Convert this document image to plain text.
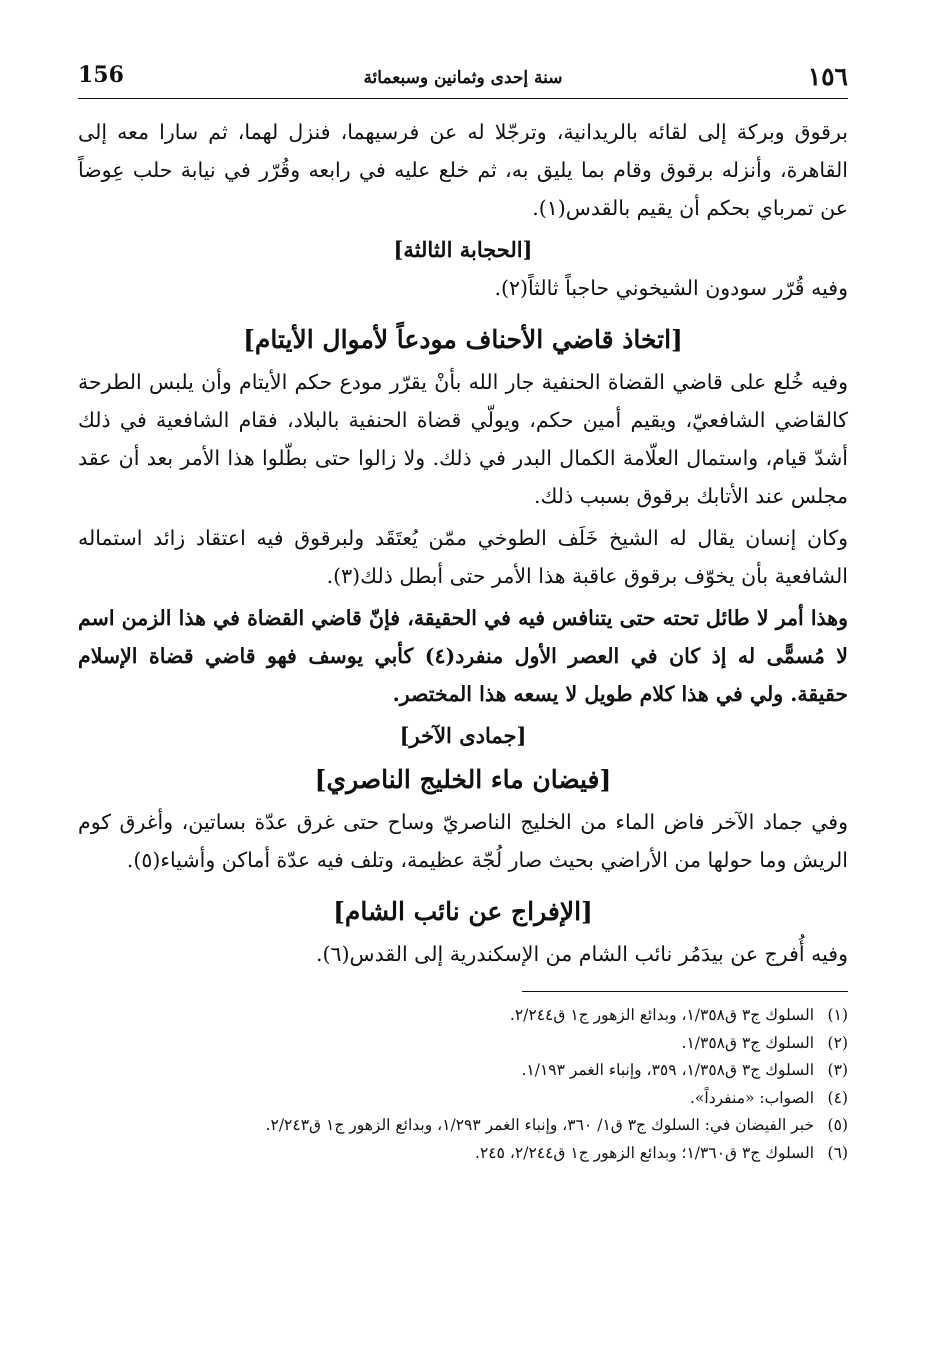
١٥٦
سنة إحدى وثمانين وسبعمائة
156

برقوق وبركة إلى لقائه بالريدانية، وترجّلا له عن فرسيهما، فنزل لهما، ثم سارا معه إلى القاهرة، وأنزله برقوق وقام بما يليق به، ثم خلع عليه في رابعه وقُرّر في نيابة حلب عِوضاً عن تمرباي بحكم أن يقيم بالقدس(١).

[الحجابة الثالثة]

وفيه قُرّر سودون الشيخوني حاجباً ثالثاً(٢).

[اتخاذ قاضي الأحناف مودعاً لأموال الأيتام]

وفيه خُلع على قاضي القضاة الحنفية جار الله بأنْ يقرّر مودع حكم الأيتام وأن يلبس الطرحة كالقاضي الشافعيّ، ويقيم أمين حكم، ويولّي قضاة الحنفية بالبلاد، فقام الشافعية في ذلك أشدّ قيام، واستمال العلّامة الكمال البدر في ذلك. ولا زالوا حتى بطّلوا هذا الأمر بعد أن عقد مجلس عند الأتابك برقوق بسبب ذلك.

وكان إنسان يقال له الشيخ خَلَف الطوخي ممّن يُعتَقَد ولبرقوق فيه اعتقاد زائد استماله الشافعية بأن يخوّف برقوق عاقبة هذا الأمر حتى أبطل ذلك(٣).

وهذا أمر لا طائل تحته حتى يتنافس فيه في الحقيقة، فإنّ قاضي القضاة في هذا الزمن اسم لا مُسمًّى له إذ كان في العصر الأول منفرد(٤) كأبي يوسف فهو قاضي قضاة الإسلام حقيقة. ولي في هذا كلام طويل لا يسعه هذا المختصر.

[جمادى الآخر]
[فيضان ماء الخليج الناصري]

وفي جماد الآخر فاض الماء من الخليج الناصريّ وساح حتى غرق عدّة بساتين، وأغرق كوم الريش وما حولها من الأراضي بحيث صار لُجّة عظيمة، وتلف فيه عدّة أماكن وأشياء(٥).

[الإفراج عن نائب الشام]

وفيه أُفرج عن بيدَمُر نائب الشام من الإسكندرية إلى القدس(٦).

(١)السلوك ج٣ ق١/٣٥٨، وبدائع الزهور ج١ ق٢/٢٤٤.
(٢)السلوك ج٣ ق١/٣٥٨.
(٣)السلوك ج٣ ق١/٣٥٨، ٣٥٩، وإنباء الغمر ١/١٩٣.
(٤)الصواب: «منفرداً».
(٥)خبر الفيضان في: السلوك ج٣ ق١/ ٣٦٠، وإنباء الغمر ١/٢٩٣، وبدائع الزهور ج١ ق٢/٢٤٣.
(٦)السلوك ج٣ ق١/٣٦٠؛ وبدائع الزهور ج١ ق٢/٢٤٤، ٢٤٥.
